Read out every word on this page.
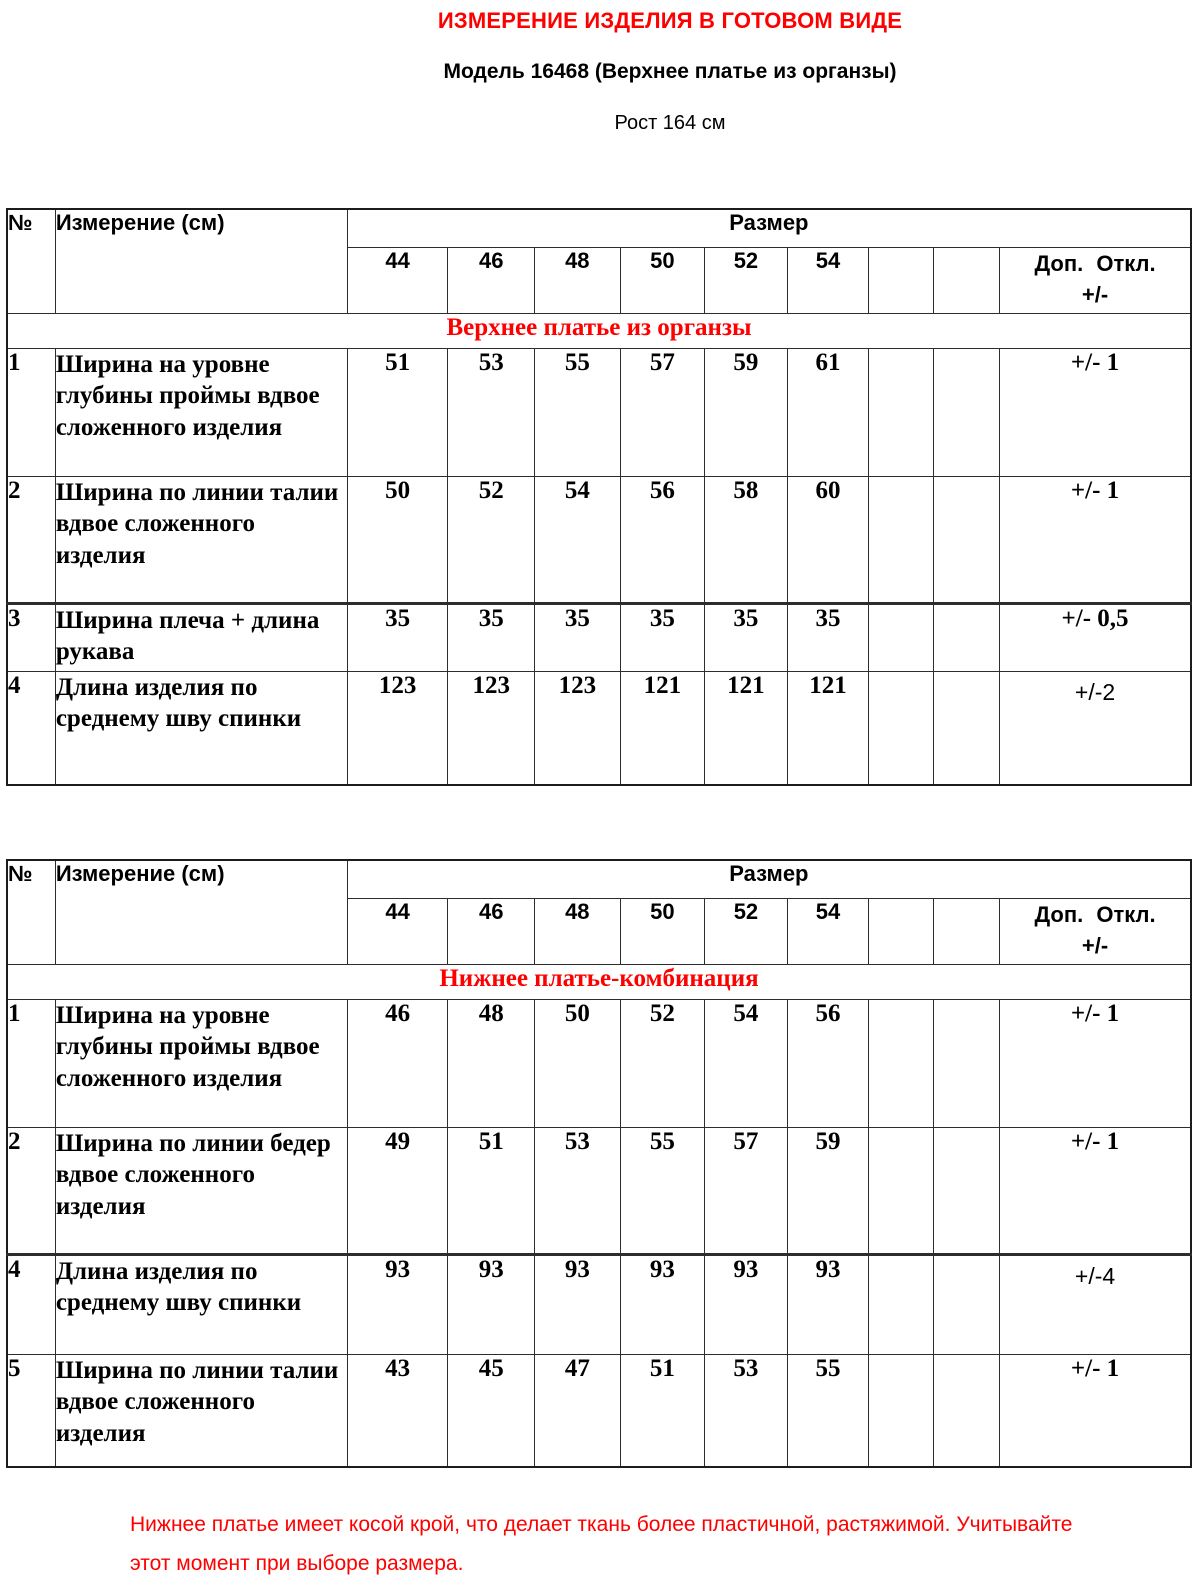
ИЗМЕРЕНИЕ ИЗДЕЛИЯ В ГОТОВОМ ВИДЕ
Модель 16468 (Верхнее платье из органзы)
Рост 164 см
№	Измерение (см)	Размер								
		44	46	48	50	52	54			Доп. Откл.
+/-

Верхнее платье из органзы										
1	Ширина на уровне глубины проймы вдвое сложенного изделия	51	53	55	57	59	61			+/- 1
2	Ширина по линии талии вдвое сложенного изделия	50	52	54	56	58	60			+/- 1
3	Ширина плеча + длина рукава	35	35	35	35	35	35			+/- 0,5
4	Длина изделия по среднему шву спинки	123	123	123	121	121	121			+/-2
№	Измерение (см)	Размер								
		44	46	48	50	52	54			Доп. Откл.
+/-

Нижнее платье-комбинация										
1	Ширина на уровне глубины проймы вдвое сложенного изделия	46	48	50	52	54	56			+/- 1
2	Ширина по линии бедер вдвое сложенного изделия	49	51	53	55	57	59			+/- 1
4	Длина изделия по среднему шву спинки	93	93	93	93	93	93			+/-4
5	Ширина по линии талии вдвое сложенного изделия	43	45	47	51	53	55			+/- 1
Нижнее платье имеет косой крой, что делает ткань более пластичной, растяжимой. Учитывайте этот момент при выборе размера.
